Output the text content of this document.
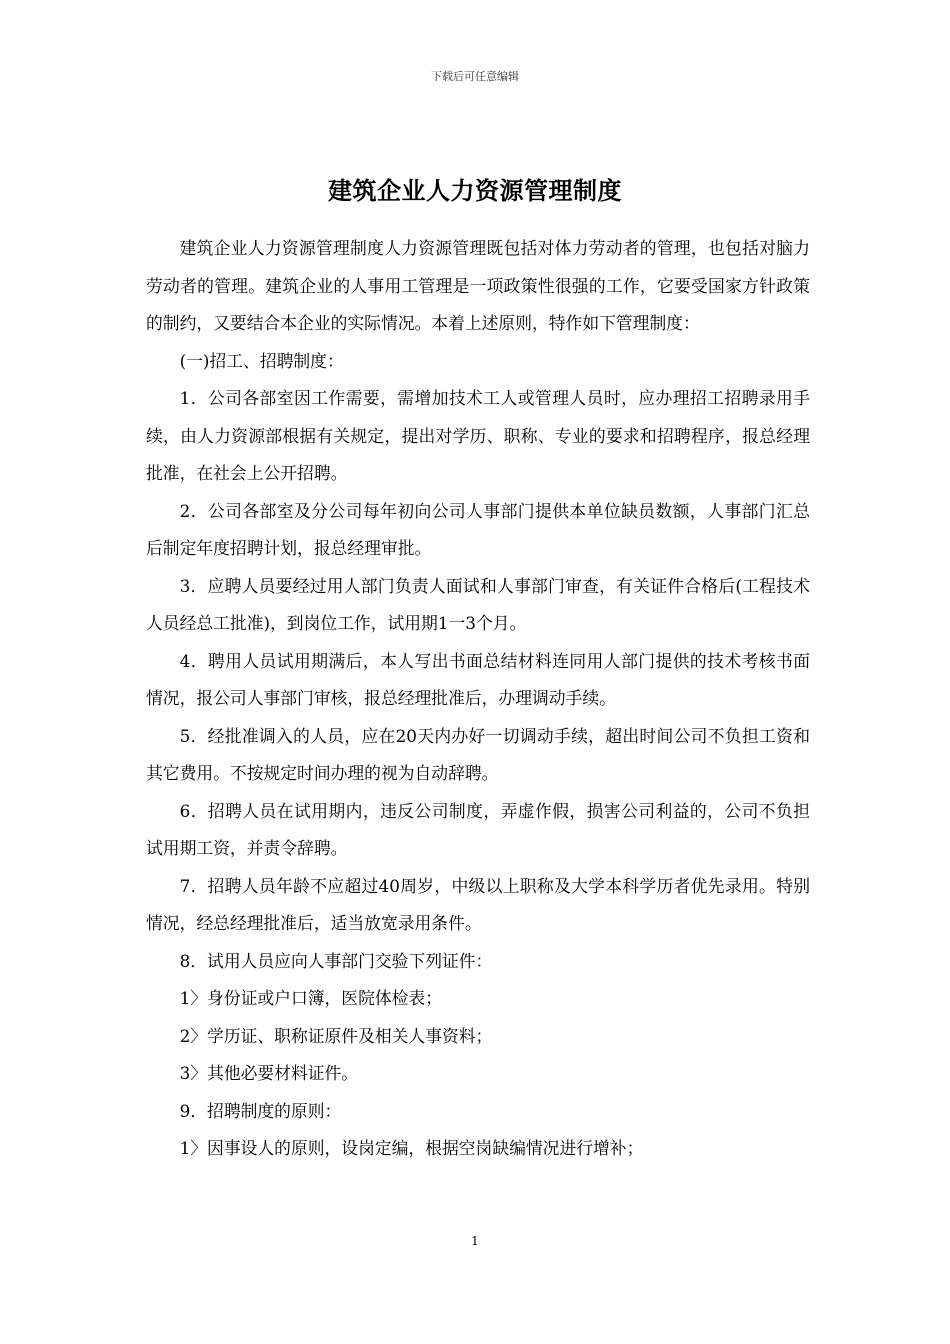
下载后可任意编辑
建筑企业人力资源管理制度

建筑企业人力资源管理制度人力资源管理既包括对体力劳动者的管理，也包括对脑力劳动者的管理。建筑企业的人事用工管理是一项政策性很强的工作，它要受国家方针政策的制约，又要结合本企业的实际情况。本着上述原则，特作如下管理制度：

(一)招工、招聘制度：

1．公司各部室因工作需要，需增加技术工人或管理人员时，应办理招工招聘录用手续，由人力资源部根据有关规定，提出对学历、职称、专业的要求和招聘程序，报总经理批准，在社会上公开招聘。

2．公司各部室及分公司每年初向公司人事部门提供本单位缺员数额，人事部门汇总后制定年度招聘计划，报总经理审批。

3．应聘人员要经过用人部门负责人面试和人事部门审查，有关证件合格后(工程技术人员经总工批准)，到岗位工作，试用期1一3个月。

4．聘用人员试用期满后，本人写出书面总结材料连同用人部门提供的技术考核书面情况，报公司人事部门审核，报总经理批准后，办理调动手续。

5．经批准调入的人员，应在20天内办好一切调动手续，超出时间公司不负担工资和其它费用。不按规定时间办理的视为自动辞聘。

6．招聘人员在试用期内，违反公司制度，弄虚作假，损害公司利益的，公司不负担试用期工资，并责令辞聘。

7．招聘人员年龄不应超过40周岁，中级以上职称及大学本科学历者优先录用。特别情况，经总经理批准后，适当放宽录用条件。

8．试用人员应向人事部门交验下列证件：

1〉身份证或户口簿，医院体检表；

2〉学历证、职称证原件及相关人事资料；

3〉其他必要材料证件。

9．招聘制度的原则：

1〉因事设人的原则，设岗定编，根据空岗缺编情况进行增补；

1
